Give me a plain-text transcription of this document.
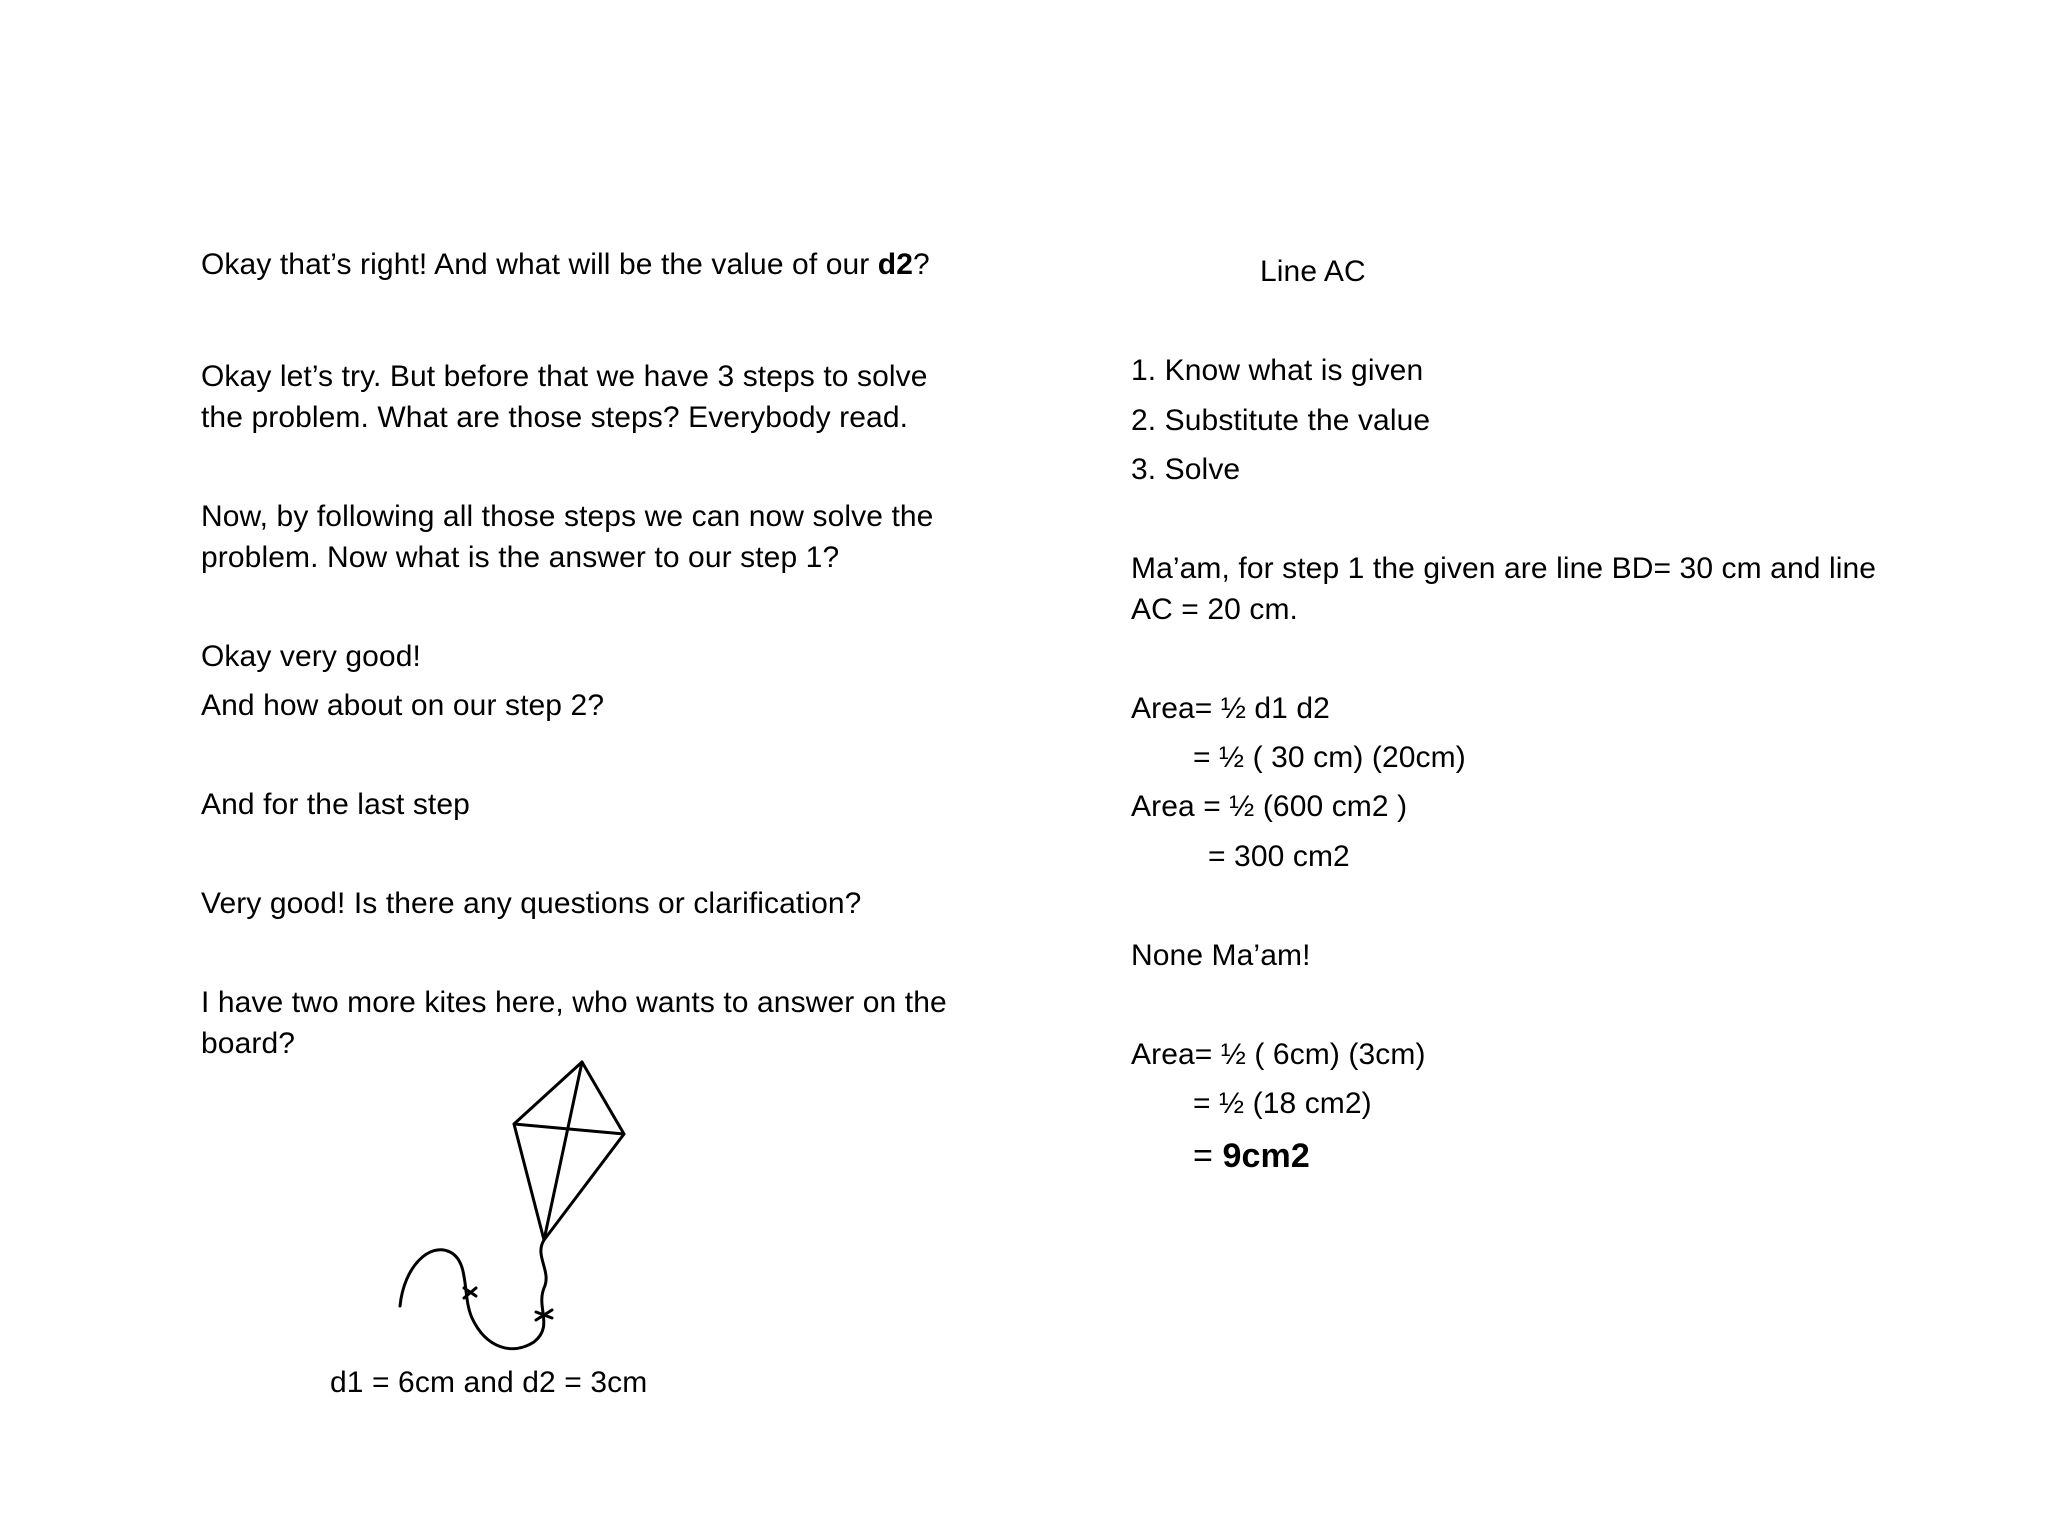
Okay that’s right! And what will be the value of our d2?
Okay let’s try. But before that we have 3 steps to solve
the problem. What are those steps? Everybody read.
Now, by following all those steps we can now solve the
problem. Now what is the answer to our step 1?
Okay very good!
And how about on our step 2?
And for the last step
Very good! Is there any questions or clarification?
I have two more kites here, who wants to answer on the
board?
d1 = 6cm and d2 = 3cm
Line AC
1. Know what is given
2. Substitute the value
3. Solve
Ma’am, for step 1 the given are line BD= 30 cm and line
AC = 20 cm.
Area= ½ d1 d2
= ½ ( 30 cm) (20cm)
Area = ½ (600 cm2 )
= 300 cm2
None Ma’am!
Area= ½ ( 6cm) (3cm)
= ½ (18 cm2)
= 9cm2
